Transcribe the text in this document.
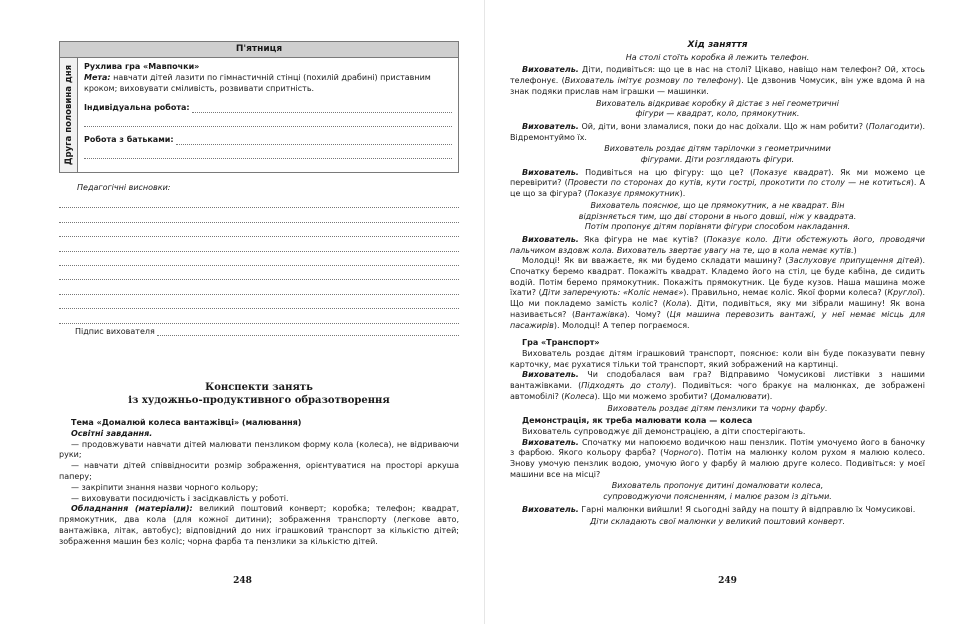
П'ятниця
Друга половина дня Рухлива гра «Мавпочки»
Мета: навчати дітей лазити по гімнастичній стінці (похилій драбині) приставним кроком; виховувати сміливість, розвивати спритність.
Індивідуальна робота:
Робота з батьками:
Педагогічні висновки:
Підпис вихователя
Конспекти занять
із художньо-продуктивного образотворення

Тема «Домалюй колеса вантажівці» (малювання)

Освітні завдання.

— продовжувати навчати дітей малювати пензликом форму кола (колеса), не відриваючи руки;

— навчати дітей співвідносити розмір зображення, орієнтуватися на просторі аркуша паперу;

— закріпити знання назви чорного кольору;

— виховувати посидючість і засідкавлість у роботі.

Обладнання (матеріали): великий поштовий конверт; коробка; телефон; квадрат, прямокутник, два кола (для кожної дитини); зображення транспорту (легкове авто, вантажівка, літак, автобус); відповідний до них іграшковий транспорт за кількістю дітей; зображення машин без коліс; чорна фарба та пензлики за кількістю дітей.

248

Хід заняття

На столі стоїть коробка й лежить телефон.

Вихователь. Діти, подивіться: що це в нас на столі? Цікаво, навіщо нам телефон? Ой, хтось телефонує. (Вихователь імітує розмову по телефону). Це дзвонив Чомусик, він уже вдома й на знак подяки прислав нам іграшки — машинки.

Вихователь відкриває коробку й дістає з неї геометричні
фігури — квадрат, коло, прямокутник.

Вихователь. Ой, діти, вони зламалися, поки до нас доїхали. Що ж нам робити? (Полагодити). Відремонтуймо їх.

Вихователь роздає дітям тарілочки з геометричними
фігурами. Діти розглядають фігури.

Вихователь. Подивіться на цю фігуру: що це? (Показує квадрат). Як ми можемо це перевірити? (Провести по сторонах до кутів, кути гострі, прокотити по столу — не котиться). А це що за фігура? (Показує прямокутник).

Вихователь пояснює, що це прямокутник, а не квадрат. Він
відрізняється тим, що дві сторони в нього довші, ніж у квадрата.
Потім пропонує дітям порівняти фігури способом накладання.

Вихователь. Яка фігура не має кутів? (Показує коло. Діти обстежують його, проводячи пальчиком вздовж кола. Вихователь звертає увагу на те, що в кола немає кутів.)

Молодці! Як ви вважаєте, як ми будемо складати машину? (Заслуховує припущення дітей). Спочатку беремо квадрат. Покажіть квадрат. Кладемо його на стіл, це буде кабіна, де сидить водій. Потім беремо прямокутник. Покажіть прямокутник. Це буде кузов. Наша машина може їхати? (Діти заперечують: «Коліс немає»). Правильно, немає коліс. Якої форми колеса? (Круглої). Що ми покладемо замість коліс? (Кола). Діти, подивіться, яку ми зібрали машину! Як вона називається? (Вантажівка). Чому? (Ця машина перевозить вантажі, у неї немає місць для пасажирів). Молодці! А тепер пограємося.

Гра «Транспорт»

Вихователь роздає дітям іграшковий транспорт, пояснює: коли він буде показувати певну карточку, має рухатися тільки той транспорт, який зображений на картинці.

Вихователь. Чи сподобалася вам гра? Відправимо Чомусикові листівки з нашими вантажівками. (Підходять до столу). Подивіться: чого бракує на малюнках, де зображені автомобілі? (Колеса). Що ми можемо зробити? (Домалювати).

Вихователь роздає дітям пензлики та чорну фарбу.

Демонстрація, як треба малювати кола — колеса

Вихователь супроводжує дії демонстрацією, а діти спостерігають.

Вихователь. Спочатку ми напоюємо водичкою наш пензлик. Потім умочуємо його в баночку з фарбою. Якого кольору фарба? (Чорного). Потім на малюнку колом рухом я малюю колесо. Знову умочую пензлик водою, умочую його у фарбу й малюю друге колесо. Подивіться: у моєї машини все на місці?

Вихователь пропонує дитині домалювати колеса,
супроводжуючи поясненням, і малює разом із дітьми.

Вихователь. Гарні малюнки вийшли! Я сьогодні зайду на пошту й відправлю їх Чомусикові.

Діти складають свої малюнки у великий поштовий конверт.

249
